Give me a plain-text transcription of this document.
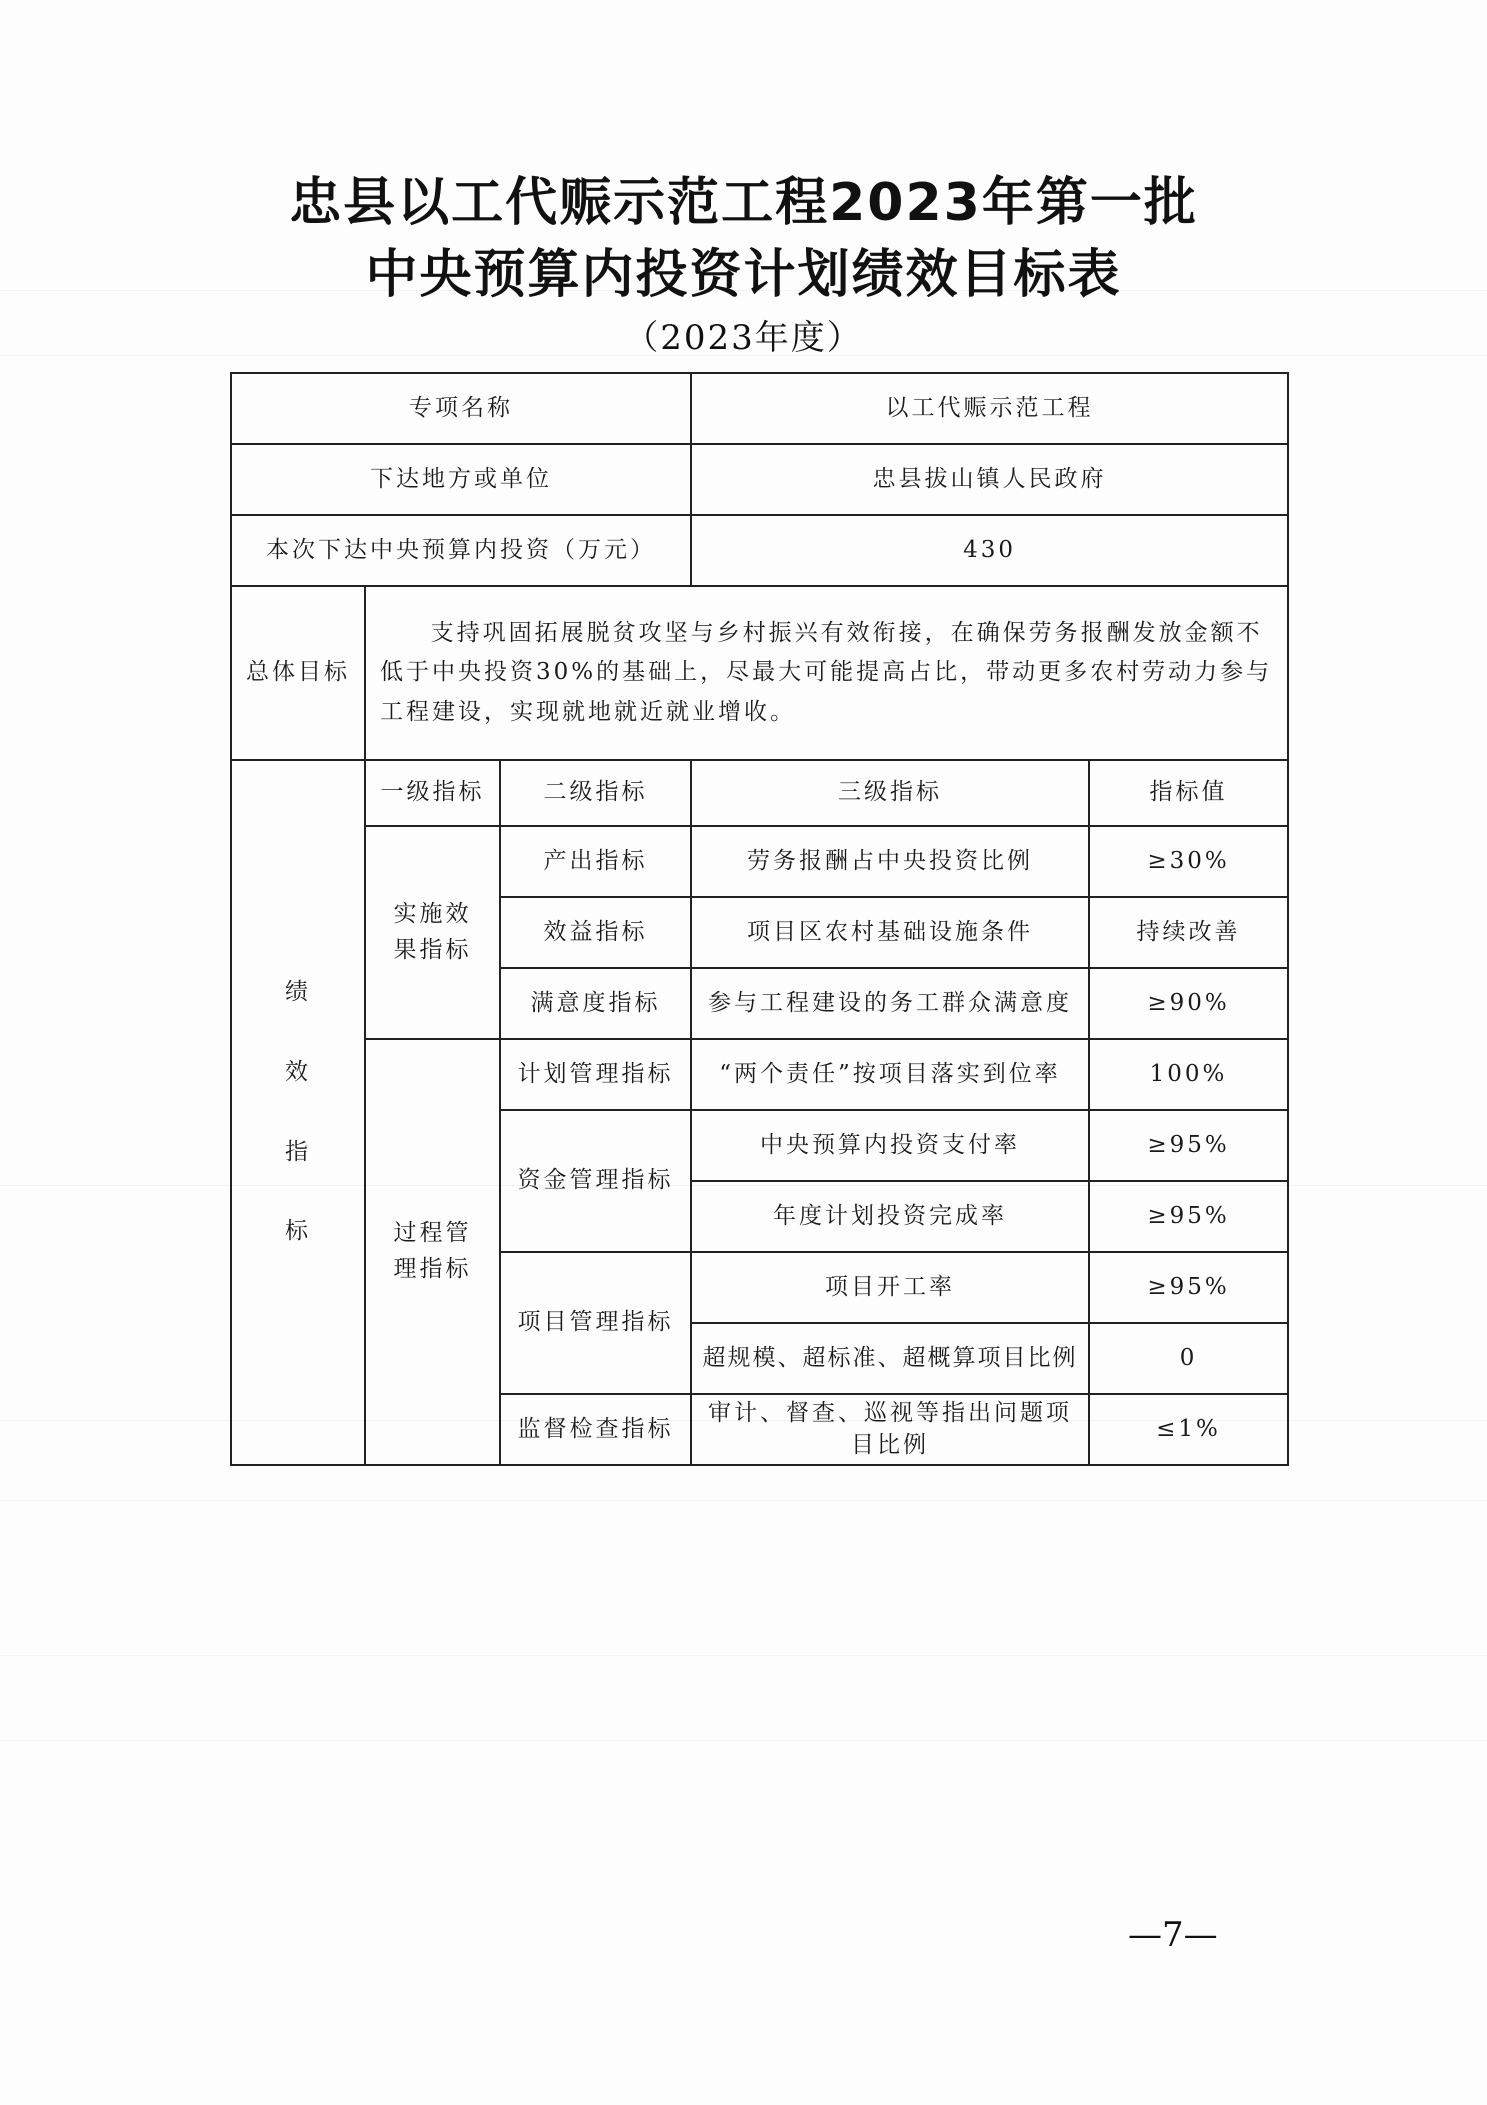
忠县以工代赈示范工程2023年第一批
中央预算内投资计划绩效目标表
（2023年度）
专项名称			以工代赈示范工程	
下达地方或单位			忠县拔山镇人民政府	
本次下达中央预算内投资（万元）			430	
总体目标	支持巩固拓展脱贫攻坚与乡村振兴有效衔接，在确保劳务报酬发放金额不低于中央投资30%的基础上，尽最大可能提高占比，带动更多农村劳动力参与工程建设，实现就地就近就业增收。			

绩
效
指
标	一级指标	二级指标	三级指标	指标值
	实施效果指标	产出指标	劳务报酬占中央投资比例	≥30%
		效益指标	项目区农村基础设施条件	持续改善
		满意度指标	参与工程建设的务工群众满意度	≥90%
	过程管理指标	计划管理指标	“两个责任”按项目落实到位率	100%
		资金管理指标	中央预算内投资支付率	≥95%
			年度计划投资完成率	≥95%
		项目管理指标	项目开工率	≥95%
			超规模、超标准、超概算项目比例	0
		监督检查指标	审计、督查、巡视等指出问题项目比例	≤1%
—7—
